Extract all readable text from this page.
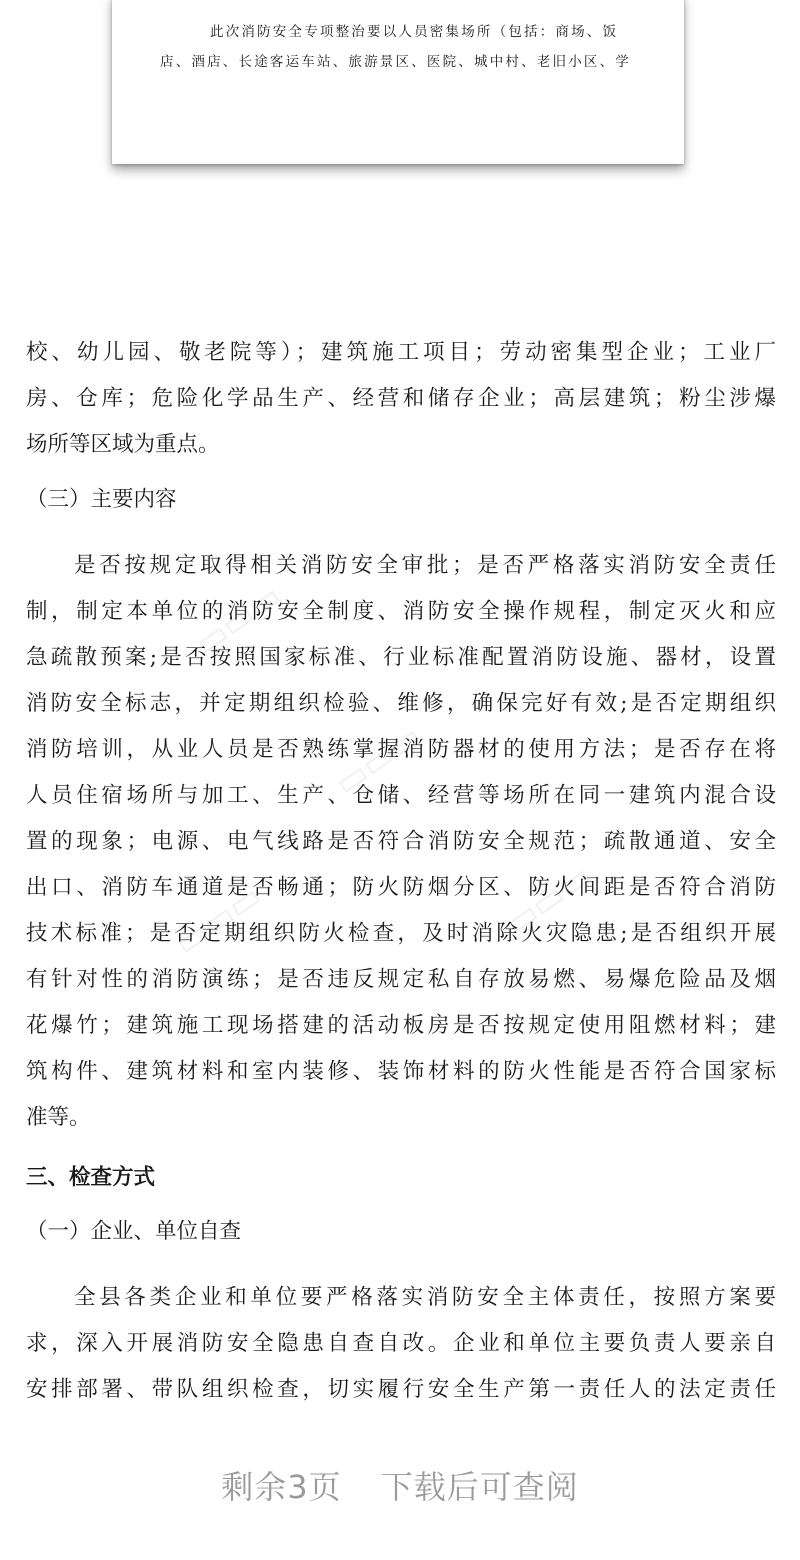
此次消防安全专项整治要以人员密集场所（包括：商场、饭
店、酒店、长途客运车站、旅游景区、医院、城中村、老旧小区、学
▭▭▭
▭▭▭
▭▭▭
▭▭▭
校、幼儿园、敬老院等）；建筑施工项目；劳动密集型企业；工业厂
房、仓库；危险化学品生产、经营和储存企业；高层建筑；粉尘涉爆
场所等区域为重点。
（三）主要内容
是否按规定取得相关消防安全审批；是否严格落实消防安全责任
制，制定本单位的消防安全制度、消防安全操作规程，制定灭火和应
急疏散预案;是否按照国家标准、行业标准配置消防设施、器材，设置
消防安全标志，并定期组织检验、维修，确保完好有效;是否定期组织
消防培训，从业人员是否熟练掌握消防器材的使用方法；是否存在将
人员住宿场所与加工、生产、仓储、经营等场所在同一建筑内混合设
置的现象；电源、电气线路是否符合消防安全规范；疏散通道、安全
出口、消防车通道是否畅通；防火防烟分区、防火间距是否符合消防
技术标准；是否定期组织防火检查，及时消除火灾隐患;是否组织开展
有针对性的消防演练；是否违反规定私自存放易燃、易爆危险品及烟
花爆竹；建筑施工现场搭建的活动板房是否按规定使用阻燃材料；建
筑构件、建筑材料和室内装修、装饰材料的防火性能是否符合国家标
准等。
三、检查方式
（一）企业、单位自查
全县各类企业和单位要严格落实消防安全主体责任，按照方案要
求，深入开展消防安全隐患自查自改。企业和单位主要负责人要亲自
安排部署、带队组织检查，切实履行安全生产第一责任人的法定责任
剩余3页 下载后可查阅
